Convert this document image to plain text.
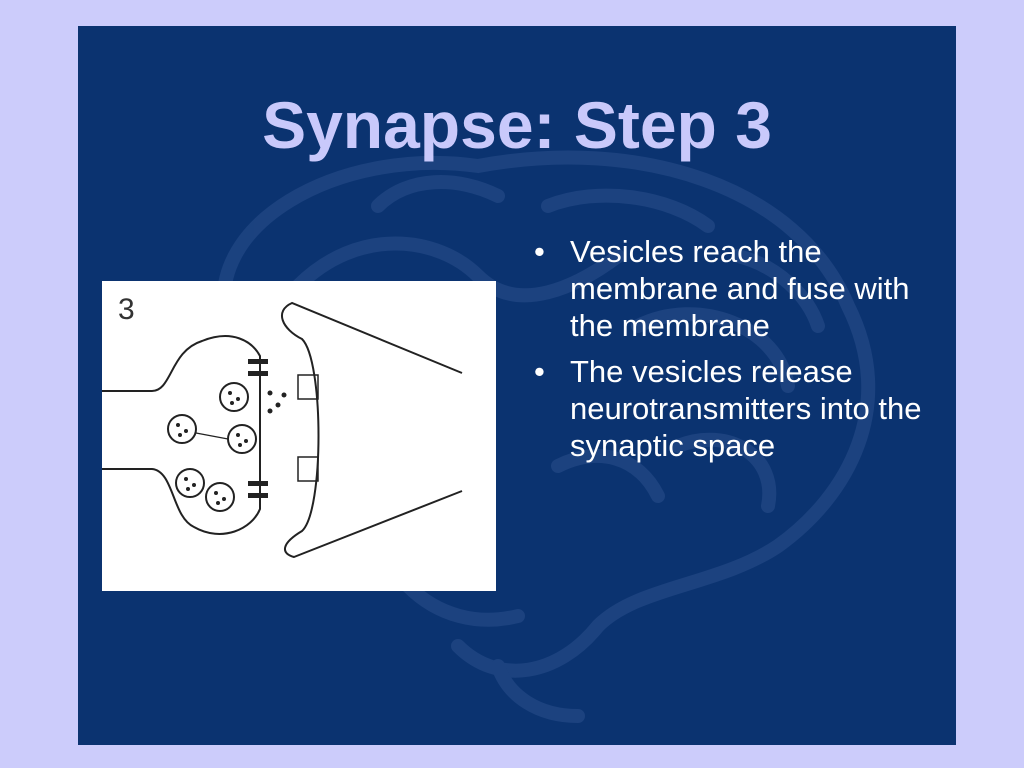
Synapse: Step 3
3
• Vesicles reach the membrane and fuse with the membrane
• The vesicles release neurotransmitters into the synaptic space
